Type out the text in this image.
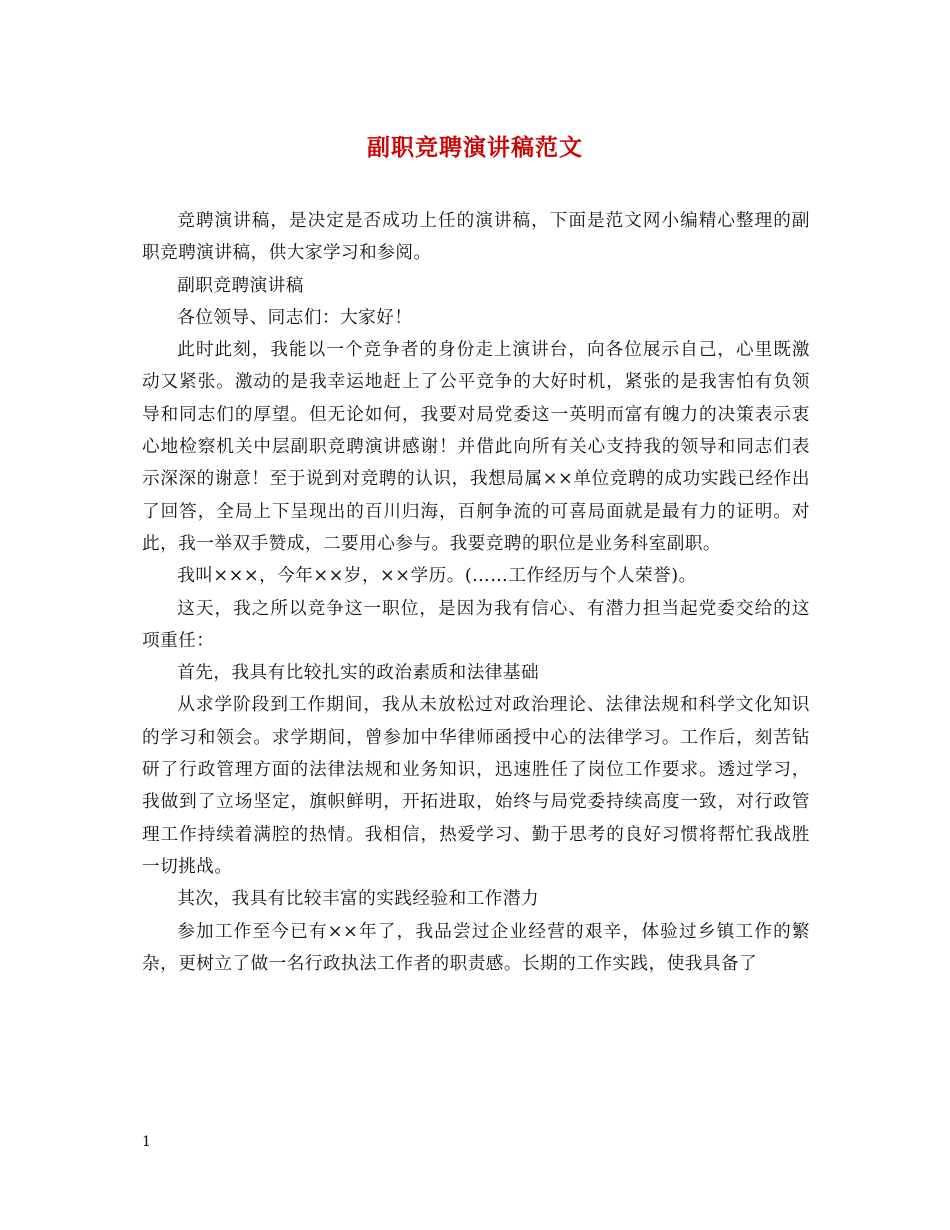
副职竞聘演讲稿范文

竞聘演讲稿，是决定是否成功上任的演讲稿，下面是范文网小编精心整理的副职竞聘演讲稿，供大家学习和参阅。

副职竞聘演讲稿

各位领导、同志们：大家好！

此时此刻，我能以一个竞争者的身份走上演讲台，向各位展示自己，心里既激动又紧张。激动的是我幸运地赶上了公平竞争的大好时机，紧张的是我害怕有负领导和同志们的厚望。但无论如何，我要对局党委这一英明而富有魄力的决策表示衷心地检察机关中层副职竞聘演讲感谢！并借此向所有关心支持我的领导和同志们表示深深的谢意！至于说到对竞聘的认识，我想局属××单位竞聘的成功实践已经作出了回答，全局上下呈现出的百川归海，百舸争流的可喜局面就是最有力的证明。对此，我一举双手赞成，二要用心参与。我要竞聘的职位是业务科室副职。

我叫×××，今年××岁，××学历。(……工作经历与个人荣誉)。

这天，我之所以竞争这一职位，是因为我有信心、有潜力担当起党委交给的这项重任：

首先，我具有比较扎实的政治素质和法律基础

从求学阶段到工作期间，我从未放松过对政治理论、法律法规和科学文化知识的学习和领会。求学期间，曾参加中华律师函授中心的法律学习。工作后，刻苦钻研了行政管理方面的法律法规和业务知识，迅速胜任了岗位工作要求。透过学习，我做到了立场坚定，旗帜鲜明，开拓进取，始终与局党委持续高度一致，对行政管理工作持续着满腔的热情。我相信，热爱学习、勤于思考的良好习惯将帮忙我战胜一切挑战。

其次，我具有比较丰富的实践经验和工作潜力

参加工作至今已有××年了，我品尝过企业经营的艰辛，体验过乡镇工作的繁杂，更树立了做一名行政执法工作者的职责感。长期的工作实践，使我具备了

1
